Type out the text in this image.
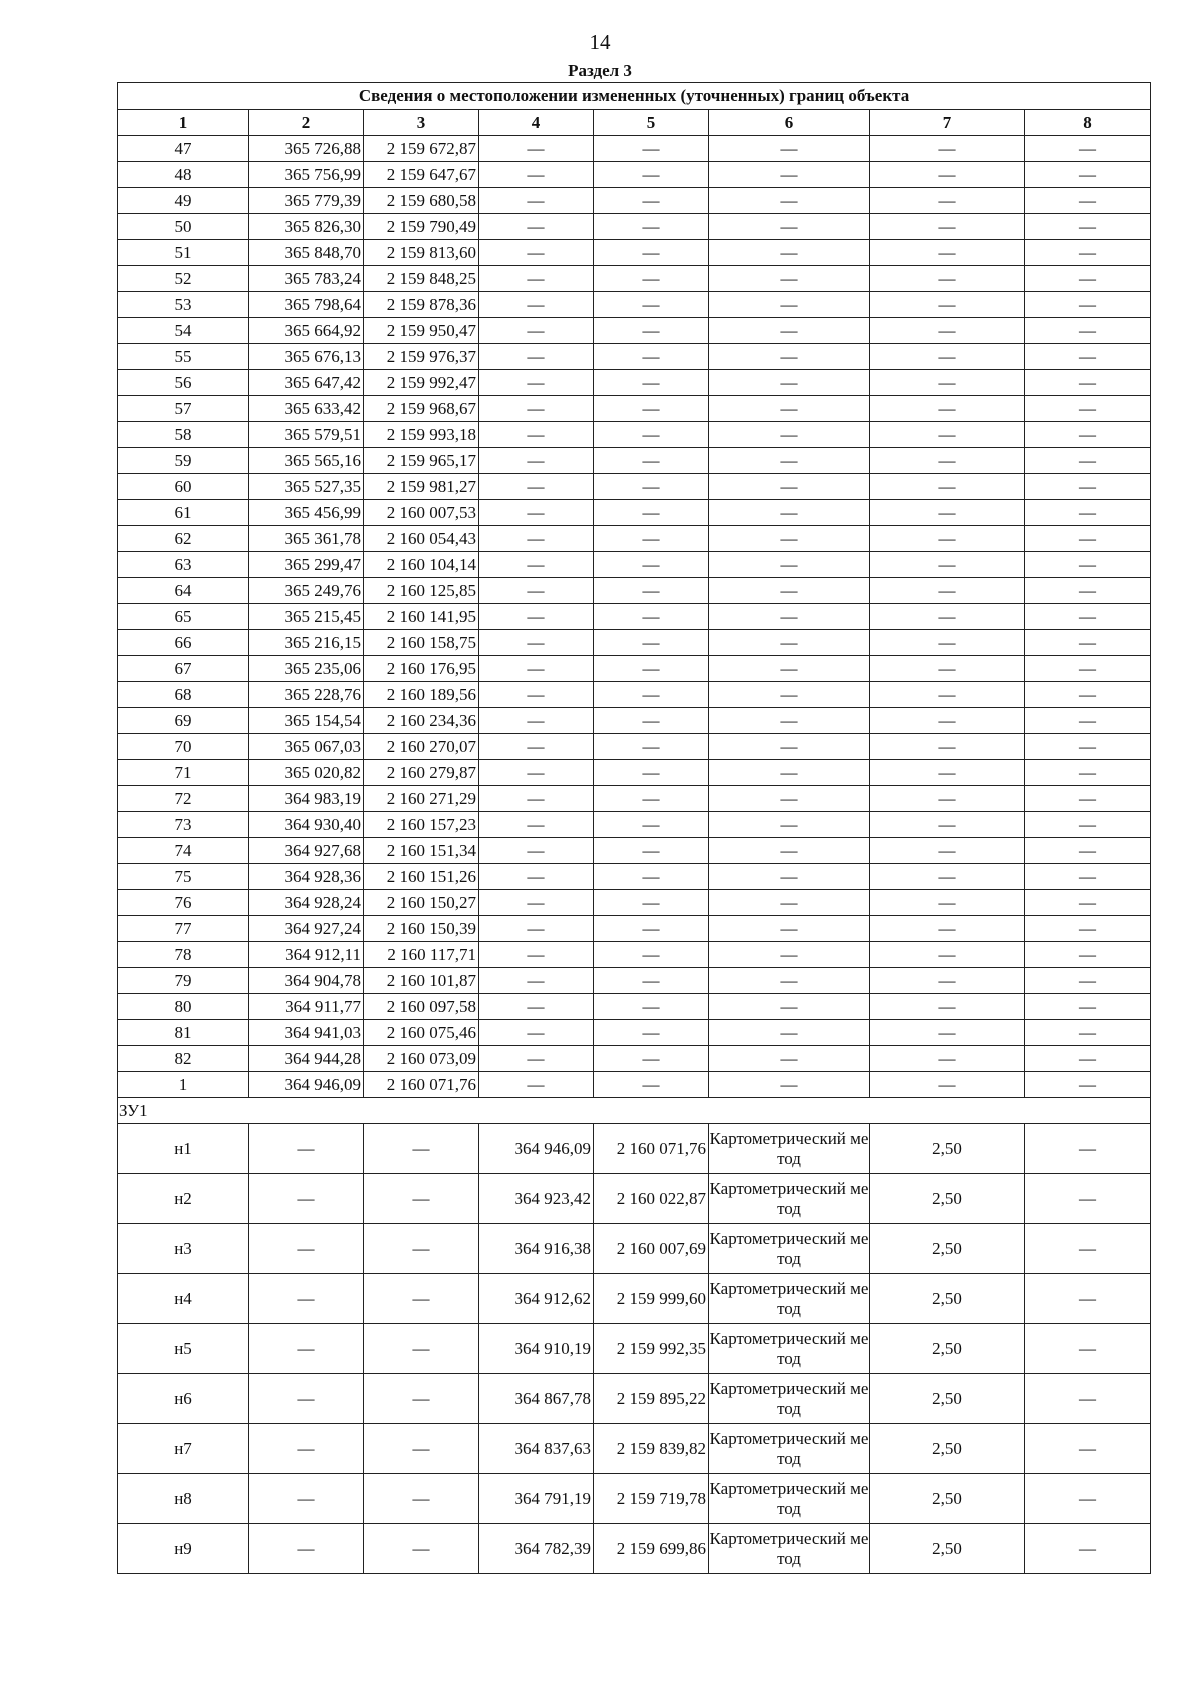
14
Раздел 3
Сведения о местоположении измененных (уточненных) границ объекта							
1	2	3	4	5	6	7	8
47	365 726,88	2 159 672,87	—	—	—	—	—
48	365 756,99	2 159 647,67	—	—	—	—	—
49	365 779,39	2 159 680,58	—	—	—	—	—
50	365 826,30	2 159 790,49	—	—	—	—	—
51	365 848,70	2 159 813,60	—	—	—	—	—
52	365 783,24	2 159 848,25	—	—	—	—	—
53	365 798,64	2 159 878,36	—	—	—	—	—
54	365 664,92	2 159 950,47	—	—	—	—	—
55	365 676,13	2 159 976,37	—	—	—	—	—
56	365 647,42	2 159 992,47	—	—	—	—	—
57	365 633,42	2 159 968,67	—	—	—	—	—
58	365 579,51	2 159 993,18	—	—	—	—	—
59	365 565,16	2 159 965,17	—	—	—	—	—
60	365 527,35	2 159 981,27	—	—	—	—	—
61	365 456,99	2 160 007,53	—	—	—	—	—
62	365 361,78	2 160 054,43	—	—	—	—	—
63	365 299,47	2 160 104,14	—	—	—	—	—
64	365 249,76	2 160 125,85	—	—	—	—	—
65	365 215,45	2 160 141,95	—	—	—	—	—
66	365 216,15	2 160 158,75	—	—	—	—	—
67	365 235,06	2 160 176,95	—	—	—	—	—
68	365 228,76	2 160 189,56	—	—	—	—	—
69	365 154,54	2 160 234,36	—	—	—	—	—
70	365 067,03	2 160 270,07	—	—	—	—	—
71	365 020,82	2 160 279,87	—	—	—	—	—
72	364 983,19	2 160 271,29	—	—	—	—	—
73	364 930,40	2 160 157,23	—	—	—	—	—
74	364 927,68	2 160 151,34	—	—	—	—	—
75	364 928,36	2 160 151,26	—	—	—	—	—
76	364 928,24	2 160 150,27	—	—	—	—	—
77	364 927,24	2 160 150,39	—	—	—	—	—
78	364 912,11	2 160 117,71	—	—	—	—	—
79	364 904,78	2 160 101,87	—	—	—	—	—
80	364 911,77	2 160 097,58	—	—	—	—	—
81	364 941,03	2 160 075,46	—	—	—	—	—
82	364 944,28	2 160 073,09	—	—	—	—	—
1	364 946,09	2 160 071,76	—	—	—	—	—
ЗУ1							
н1	—	—	364 946,09	2 160 071,76	Картометрический метод	2,50	—
н2	—	—	364 923,42	2 160 022,87	Картометрический метод	2,50	—
н3	—	—	364 916,38	2 160 007,69	Картометрический метод	2,50	—
н4	—	—	364 912,62	2 159 999,60	Картометрический метод	2,50	—
н5	—	—	364 910,19	2 159 992,35	Картометрический метод	2,50	—
н6	—	—	364 867,78	2 159 895,22	Картометрический метод	2,50	—
н7	—	—	364 837,63	2 159 839,82	Картометрический метод	2,50	—
н8	—	—	364 791,19	2 159 719,78	Картометрический метод	2,50	—
н9	—	—	364 782,39	2 159 699,86	Картометрический метод	2,50	—
